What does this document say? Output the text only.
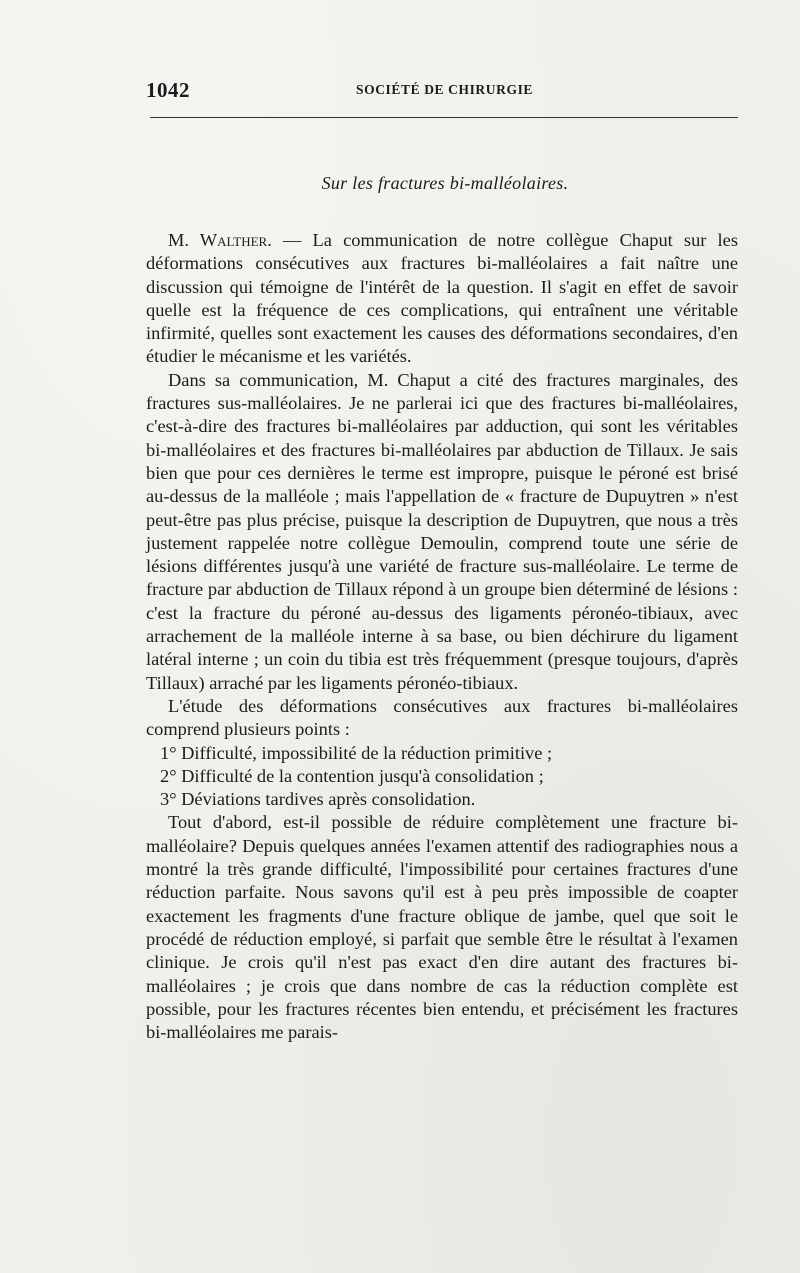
1042	SOCIÉTÉ DE CHIRURGIE
Sur les fractures bi-malléolaires.

M. Walther. — La communication de notre collègue Chaput sur les déformations consécutives aux fractures bi-malléolaires a fait naître une discussion qui témoigne de l'intérêt de la question. Il s'agit en effet de savoir quelle est la fréquence de ces complications, qui entraînent une véritable infirmité, quelles sont exactement les causes des déformations secondaires, d'en étudier le mécanisme et les variétés.

Dans sa communication, M. Chaput a cité des fractures marginales, des fractures sus-malléolaires. Je ne parlerai ici que des fractures bi-malléolaires, c'est-à-dire des fractures bi-malléolaires par adduction, qui sont les véritables bi-malléolaires et des fractures bi-malléolaires par abduction de Tillaux. Je sais bien que pour ces dernières le terme est impropre, puisque le péroné est brisé au-dessus de la malléole ; mais l'appellation de « fracture de Dupuytren » n'est peut-être pas plus précise, puisque la description de Dupuytren, que nous a très justement rappelée notre collègue Demoulin, comprend toute une série de lésions différentes jusqu'à une variété de fracture sus-malléolaire. Le terme de fracture par abduction de Tillaux répond à un groupe bien déterminé de lésions : c'est la fracture du péroné au-dessus des ligaments péronéo-tibiaux, avec arrachement de la malléole interne à sa base, ou bien déchirure du ligament latéral interne ; un coin du tibia est très fréquemment (presque toujours, d'après Tillaux) arraché par les ligaments péronéo-tibiaux.

L'étude des déformations consécutives aux fractures bi-malléolaires comprend plusieurs points :

1° Difficulté, impossibilité de la réduction primitive ;

2° Difficulté de la contention jusqu'à consolidation ;

3° Déviations tardives après consolidation.

Tout d'abord, est-il possible de réduire complètement une fracture bi-malléolaire? Depuis quelques années l'examen attentif des radiographies nous a montré la très grande difficulté, l'impossibilité pour certaines fractures d'une réduction parfaite. Nous savons qu'il est à peu près impossible de coapter exactement les fragments d'une fracture oblique de jambe, quel que soit le procédé de réduction employé, si parfait que semble être le résultat à l'examen clinique. Je crois qu'il n'est pas exact d'en dire autant des fractures bi-malléolaires ; je crois que dans nombre de cas la réduction complète est possible, pour les fractures récentes bien entendu, et précisément les fractures bi-malléolaires me parais-
